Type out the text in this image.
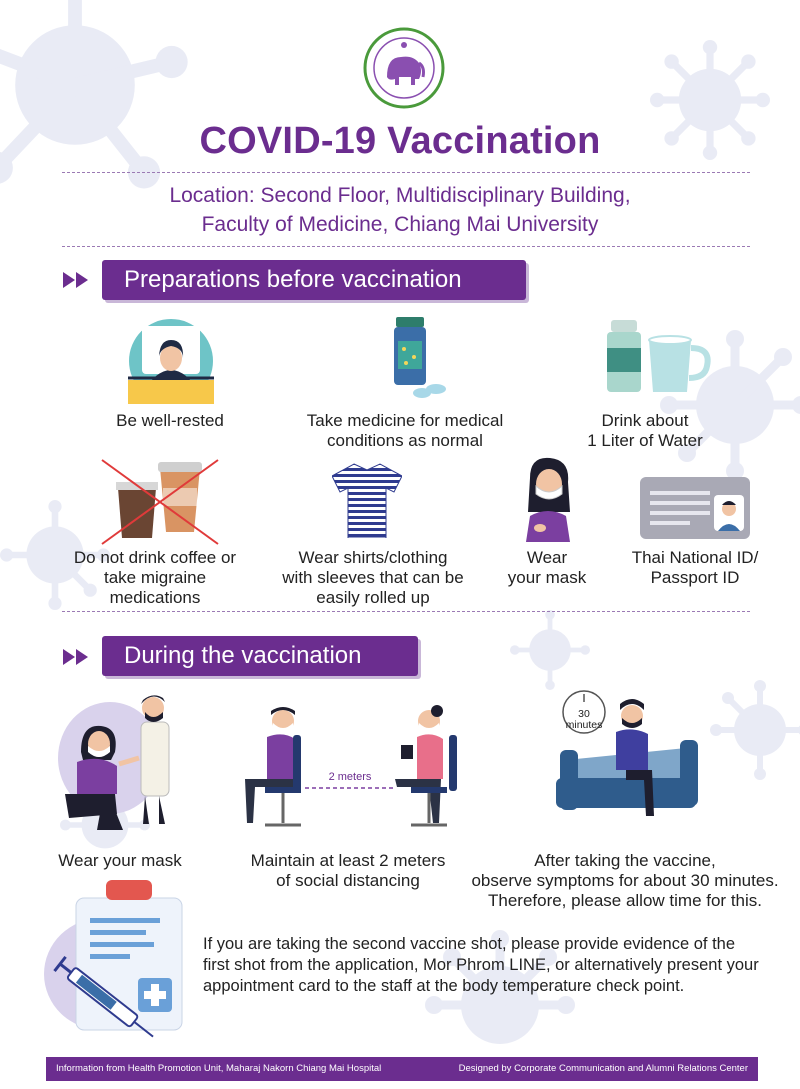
COVID-19 Vaccination
Location: Second Floor, Multidisciplinary Building,
Faculty of Medicine, Chiang Mai University
Preparations before vaccination
Be well-rested	Take medicine for medical
conditions as normal
Drink about
1 Liter of Water
Do not drink coffee or
take migraine
medications
Wear shirts/clothing
with sleeves that can be
easily rolled up
Wear
your mask
Thai National ID/
Passport ID
During the vaccination
2 meters
30 minutes
Wear your mask	Maintain at least 2 meters
of social distancing
After taking the vaccine,
observe symptoms for about 30 minutes.
Therefore, please allow time for this.
If you are taking the second vaccine shot, please provide evidence of the first shot from the application, Mor Phrom LINE, or alternatively present your appointment card to the staff at the body temperature check point.
Information from Health Promotion Unit, Maharaj Nakorn Chiang Mai Hospital	Designed by Corporate Communication and Alumni Relations Center
